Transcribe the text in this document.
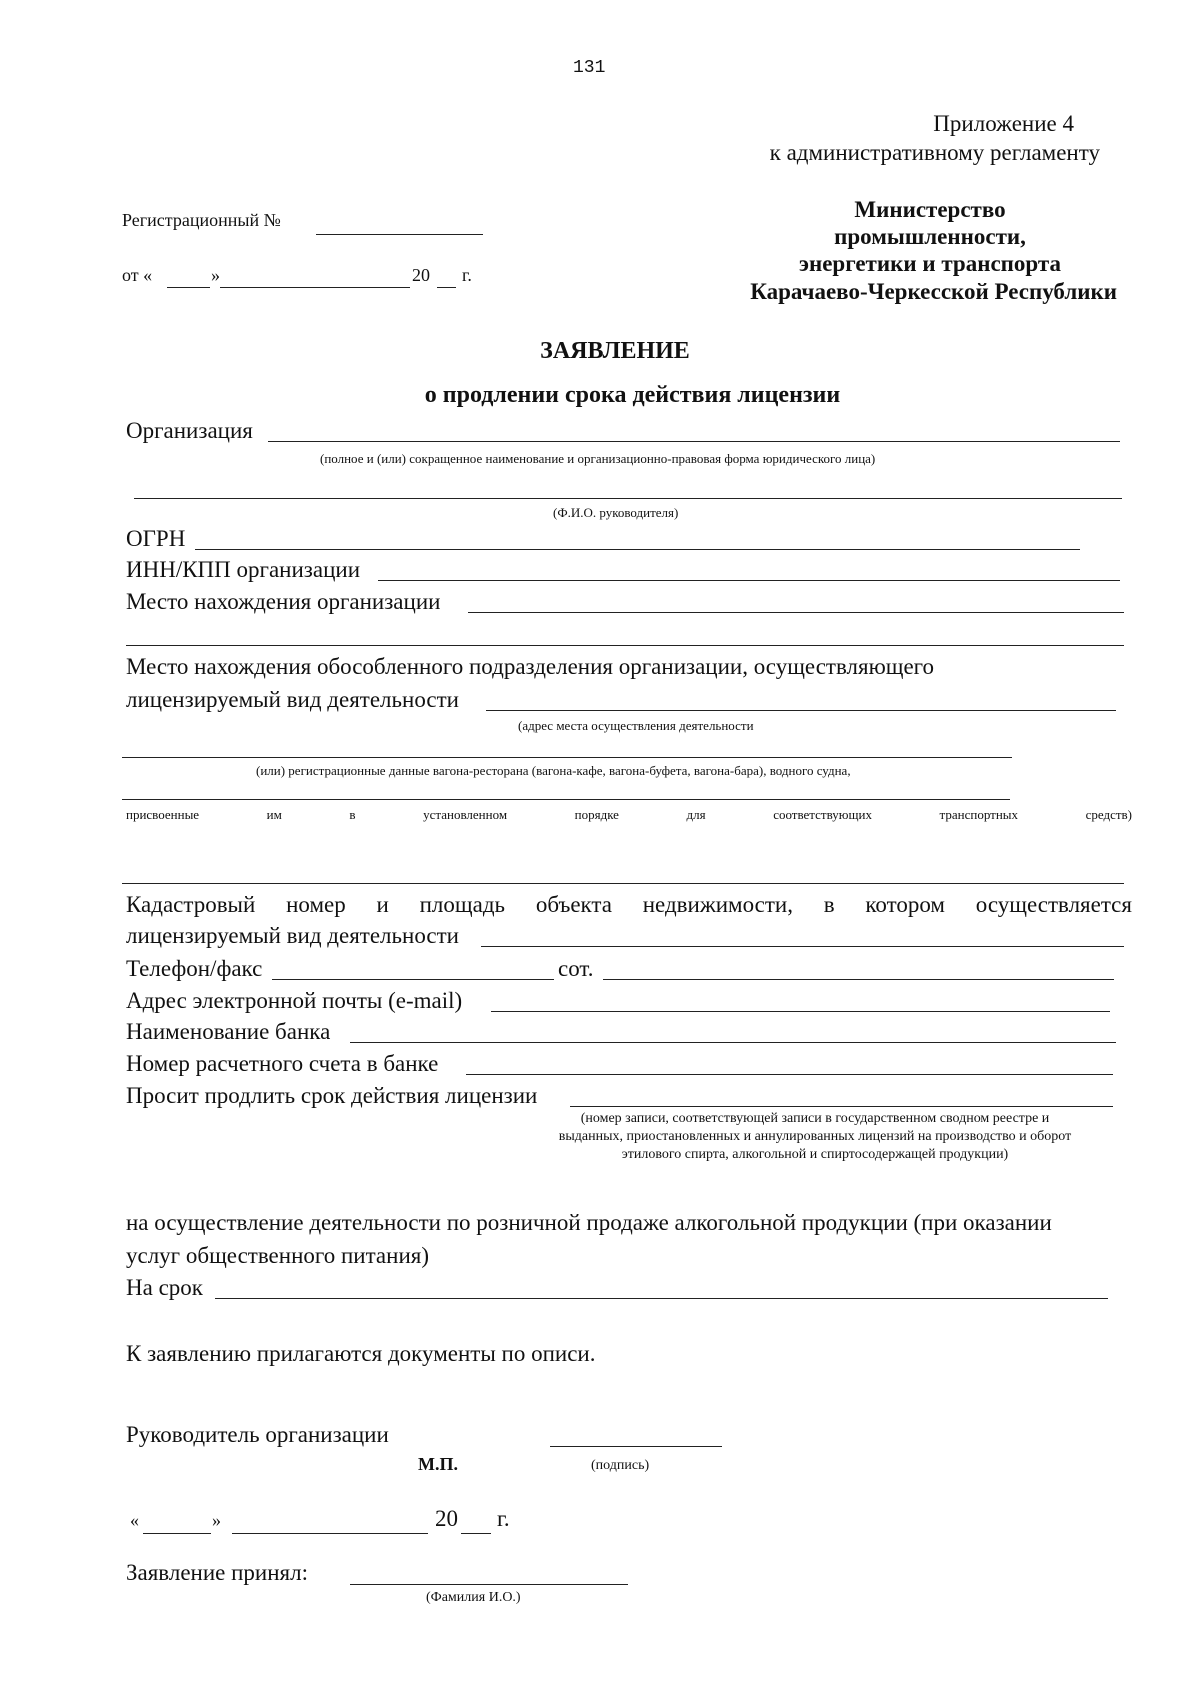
131
Приложение 4
к административному регламенту
Регистрационный №
от «	»	20 г.
Министерство
промышленности,
энергетики и транспорта
Карачаево-Черкесской Республики
ЗАЯВЛЕНИЕ
о продлении срока действия лицензии
Организация
(полное и (или) сокращенное наименование и организационно-правовая форма юридического лица)
(Ф.И.О. руководителя)
ОГРН
ИНН/КПП организации
Место нахождения организации
Место нахождения обособленного подразделения организации, осуществляющего
лицензируемый вид деятельности
(адрес места осуществления деятельности
(или) регистрационные данные вагона-ресторана (вагона-кафе, вагона-буфета, вагона-бара), водного судна,
присвоенные	им	в	установленном	порядке	для	соответствующих	транспортных	средств)
Кадастровый номер и площадь объекта недвижимости, в котором осуществляется
лицензируемый вид деятельности
Телефон/факс	сот.
Адрес электронной почты (e-mail)
Наименование банка
Номер расчетного счета в банке
Просит продлить срок действия лицензии
(номер записи, соответствующей записи в государственном сводном реестре и
выданных, приостановленных и аннулированных лицензий на производство и оборот
этилового спирта, алкогольной и спиртосодержащей продукции)
на осуществление деятельности по розничной продаже алкогольной продукции (при оказании
услуг общественного питания)
На срок
К заявлению прилагаются документы по описи.
Руководитель организации
М.П.	(подпись)
«	»	20 г.
Заявление принял:
(Фамилия И.О.)
